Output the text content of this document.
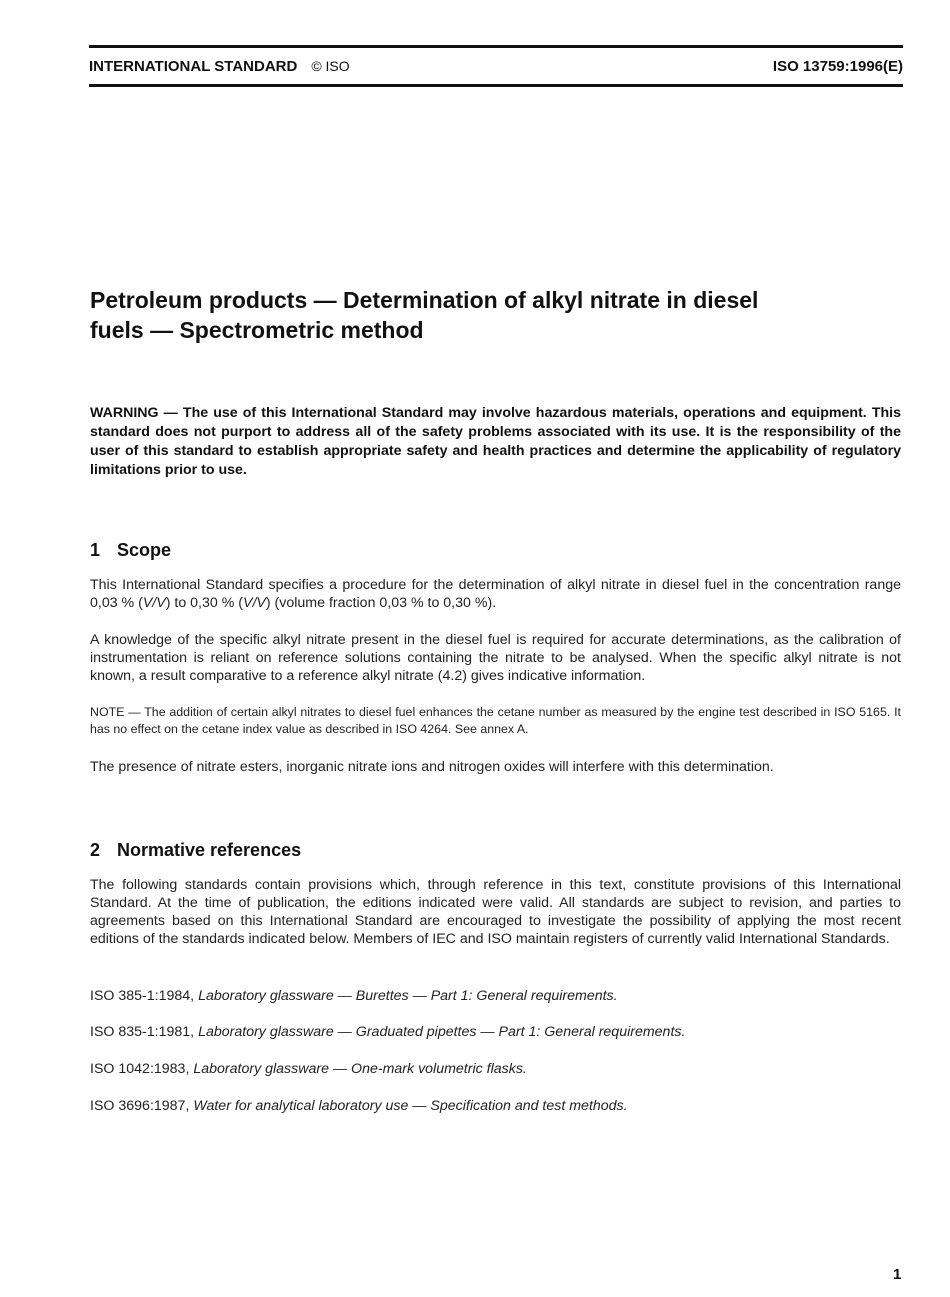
INTERNATIONAL STANDARD © ISO	ISO 13759:1996(E)
Petroleum products — Determination of alkyl nitrate in diesel
fuels — Spectrometric method
WARNING — The use of this International Standard may involve hazardous materials, operations and equipment. This standard does not purport to address all of the safety problems associated with its use. It is the responsibility of the user of this standard to establish appropriate safety and health practices and determine the applicability of regulatory limitations prior to use.
1 Scope
This International Standard specifies a procedure for the determination of alkyl nitrate in diesel fuel in the concentration range 0,03 % (V/V) to 0,30 % (V/V) (volume fraction 0,03 % to 0,30 %).
A knowledge of the specific alkyl nitrate present in the diesel fuel is required for accurate determinations, as the calibration of instrumentation is reliant on reference solutions containing the nitrate to be analysed. When the specific alkyl nitrate is not known, a result comparative to a reference alkyl nitrate (4.2) gives indicative information.
NOTE — The addition of certain alkyl nitrates to diesel fuel enhances the cetane number as measured by the engine test described in ISO 5165. It has no effect on the cetane index value as described in ISO 4264. See annex A.
The presence of nitrate esters, inorganic nitrate ions and nitrogen oxides will interfere with this determination.
2 Normative references
The following standards contain provisions which, through reference in this text, constitute provisions of this International Standard. At the time of publication, the editions indicated were valid. All standards are subject to revision, and parties to agreements based on this International Standard are encouraged to investigate the possibility of applying the most recent editions of the standards indicated below. Members of IEC and ISO maintain registers of currently valid International Standards.
ISO 385-1:1984, Laboratory glassware — Burettes — Part 1: General requirements.
ISO 835-1:1981, Laboratory glassware — Graduated pipettes — Part 1: General requirements.
ISO 1042:1983, Laboratory glassware — One-mark volumetric flasks.
ISO 3696:1987, Water for analytical laboratory use — Specification and test methods.
1
